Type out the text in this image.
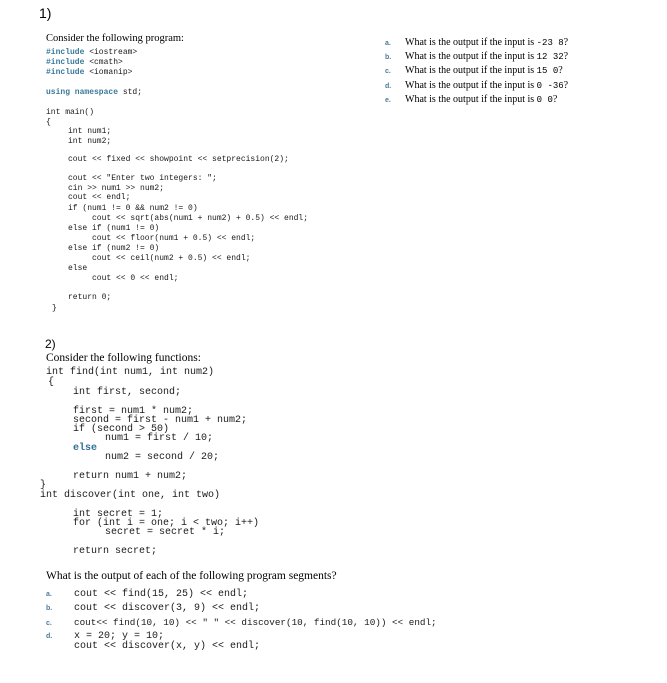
1)
Consider the following program:
#include <iostream>
#include <cmath>
#include <iomanip>
using namespace std;
int main()
{
int num1;
int num2;
cout << fixed << showpoint << setprecision(2);
cout << "Enter two integers: ";
cin >> num1 >> num2;
cout << endl;
if (num1 != 0 && num2 != 0)
cout << sqrt(abs(num1 + num2) + 0.5) << endl;
else if (num1 != 0)
cout << floor(num1 + 0.5) << endl;
else if (num2 != 0)
cout << ceil(num2 + 0.5) << endl;
else
cout << 0 << endl;
return 0;
}
a. What is the output if the input is -23 8?
b. What is the output if the input is 12 32?
c. What is the output if the input is 15 0?
d. What is the output if the input is 0 -36?
e. What is the output if the input is 0 0?
2)
Consider the following functions:
int find(int num1, int num2)
{
int first, second;
first = num1 * num2;
second = first - num1 + num2;
if (second > 50)
num1 = first / 10;
else
num2 = second / 20;
return num1 + num2;
}
int discover(int one, int two)
int secret = 1;
for (int i = one; i < two; i++)
secret = secret * i;
return secret;
What is the output of each of the following program segments?
a. cout << find(15, 25) << endl;
b. cout << discover(3, 9) << endl;
c. cout<< find(10, 10) << " " << discover(10, find(10, 10)) << endl;
d. x = 20; y = 10;
cout << discover(x, y) << endl;
